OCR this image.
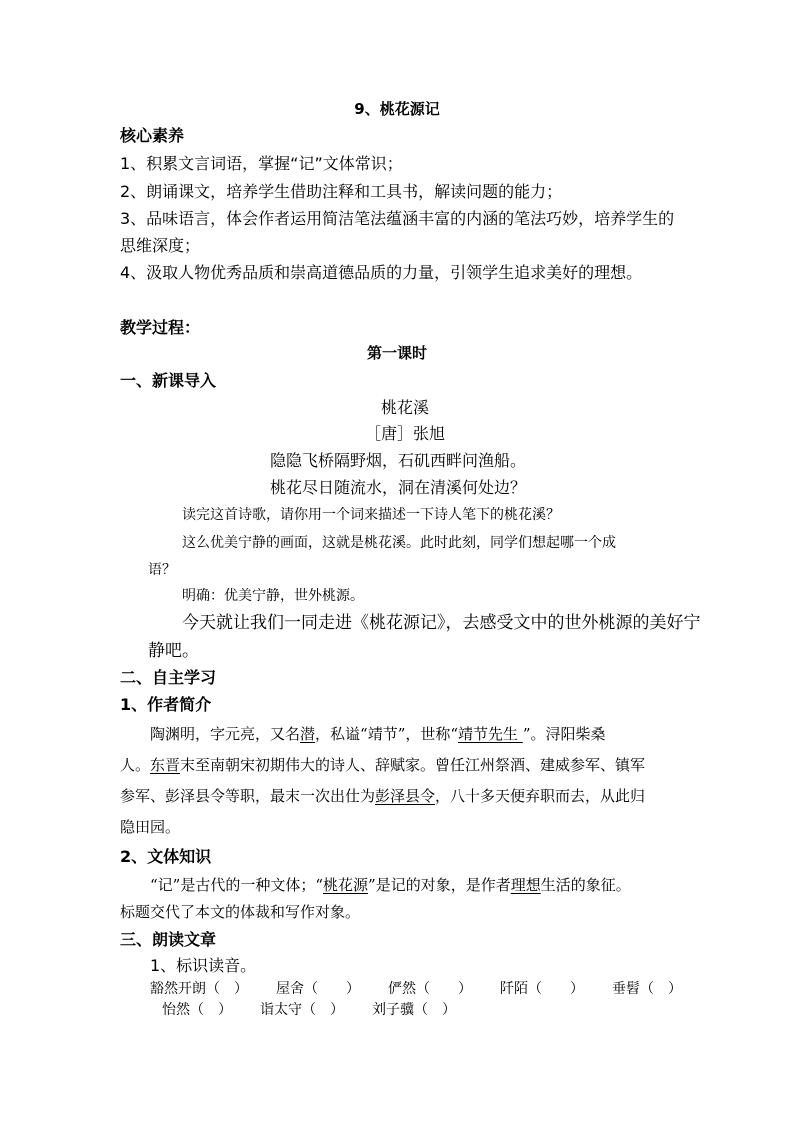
9、桃花源记
核心素养
1、积累文言词语，掌握“记”文体常识；
2、朗诵课文，培养学生借助注释和工具书，解读问题的能力；
3、品味语言，体会作者运用简洁笔法蕴涵丰富的内涵的笔法巧妙，培养学生的
思维深度；
4、汲取人物优秀品质和崇高道德品质的力量，引领学生追求美好的理想。
教学过程：
第一课时
一、新课导入
桃花溪
［唐］张旭
隐隐飞桥隔野烟，石矶西畔问渔船。
桃花尽日随流水，洞在清溪何处边？
读完这首诗歌，请你用一个词来描述一下诗人笔下的桃花溪？
这么优美宁静的画面，这就是桃花溪。此时此刻，同学们想起哪一个成
语？
明确：优美宁静，世外桃源。
今天就让我们一同走进《桃花源记》，去感受文中的世外桃源的美好宁
静吧。
二、自主学习
1、作者简介
陶渊明，字元亮，又名潜，私谥“靖节”，世称“靖节先生 ”。浔阳柴桑
人。东晋末至南朝宋初期伟大的诗人、辞赋家。曾任江州祭酒、建威参军、镇军
参军、彭泽县令等职，最末一次出仕为彭泽县令，八十多天便弃职而去，从此归
隐田园。
2、文体知识
“记”是古代的一种文体；“桃花源”是记的对象，是作者理想生活的象征。
标题交代了本文的体裁和写作对象。
三、朗读文章
1、标识读音。
豁然开朗（　） 屋舍（　　） 俨然（　　） 阡陌（　　） 垂髫（　）
怡然（　） 诣太守（　） 刘子骥（　）
